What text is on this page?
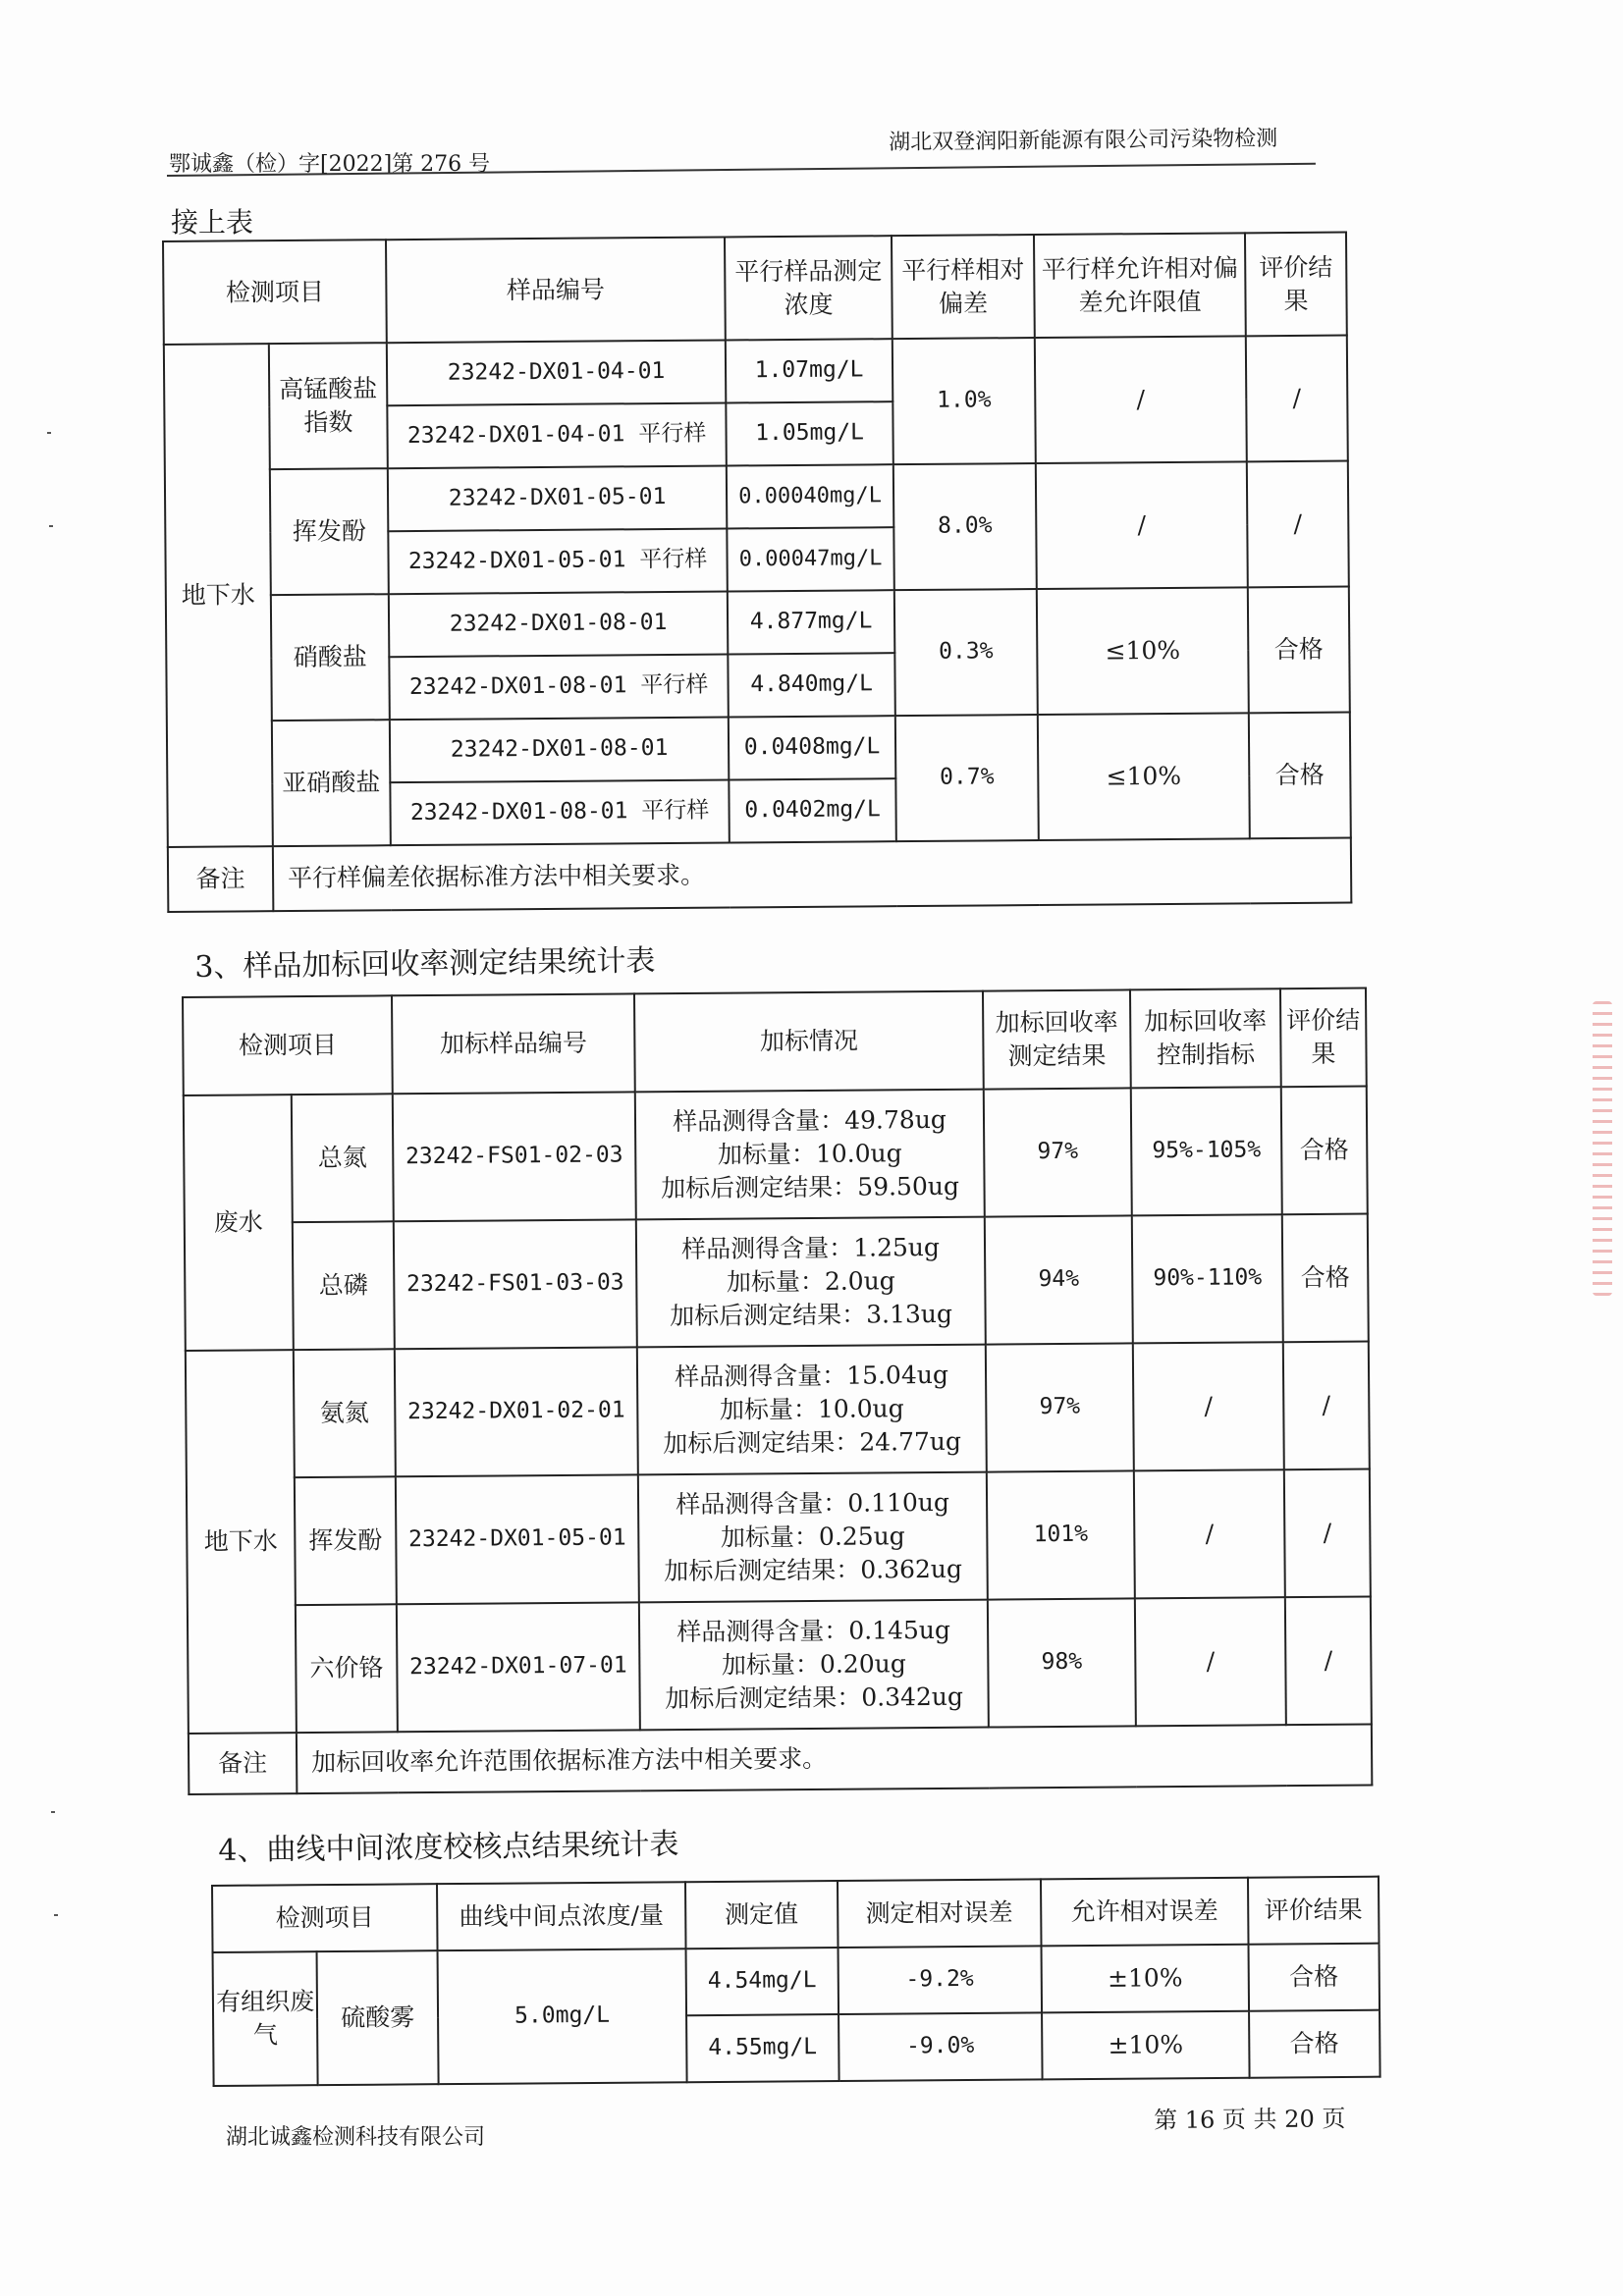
鄂诚鑫（检）字[2022]第 276 号
湖北双登润阳新能源有限公司污染物检测
接上表
检测项目		样品编号	平行样品测定浓度	平行样相对偏差	平行样允许相对偏差允许限值	评价结果
地下水	高锰酸盐指数	23242-DX01-04-01	1.07mg/L	1.0%	/	/
		23242-DX01-04-01 平行样	1.05mg/L			
	挥发酚	23242-DX01-05-01	0.00040mg/L	8.0%	/	/
		23242-DX01-05-01 平行样	0.00047mg/L			
	硝酸盐	23242-DX01-08-01	4.877mg/L	0.3%	≤10%	合格
		23242-DX01-08-01 平行样	4.840mg/L			
	亚硝酸盐	23242-DX01-08-01	0.0408mg/L	0.7%	≤10%	合格
		23242-DX01-08-01 平行样	0.0402mg/L			
备注	平行样偏差依据标准方法中相关要求。					
3、样品加标回收率测定结果统计表
检测项目		加标样品编号	加标情况	加标回收率测定结果	加标回收率控制指标	评价结果
废水	总氮	23242-FS01-02-03	样品测得含量：49.78ug
加标量：10.0ug
加标后测定结果：59.50ug	97%	95%-105%	合格
	总磷	23242-FS01-03-03	样品测得含量：1.25ug
加标量：2.0ug
加标后测定结果：3.13ug	94%	90%-110%	合格
地下水	氨氮	23242-DX01-02-01	样品测得含量：15.04ug
加标量：10.0ug
加标后测定结果：24.77ug	97%	/	/
	挥发酚	23242-DX01-05-01	样品测得含量：0.110ug
加标量：0.25ug
加标后测定结果：0.362ug	101%	/	/
	六价铬	23242-DX01-07-01	样品测得含量：0.145ug
加标量：0.20ug
加标后测定结果：0.342ug	98%	/	/
备注	加标回收率允许范围依据标准方法中相关要求。					
4、曲线中间浓度校核点结果统计表
检测项目		曲线中间点浓度/量	测定值	测定相对误差	允许相对误差	评价结果
有组织废气	硫酸雾	5.0mg/L	4.54mg/L	-9.2%	±10%	合格
			4.55mg/L	-9.0%	±10%	合格
湖北诚鑫检测科技有限公司
第 16 页 共 20 页
